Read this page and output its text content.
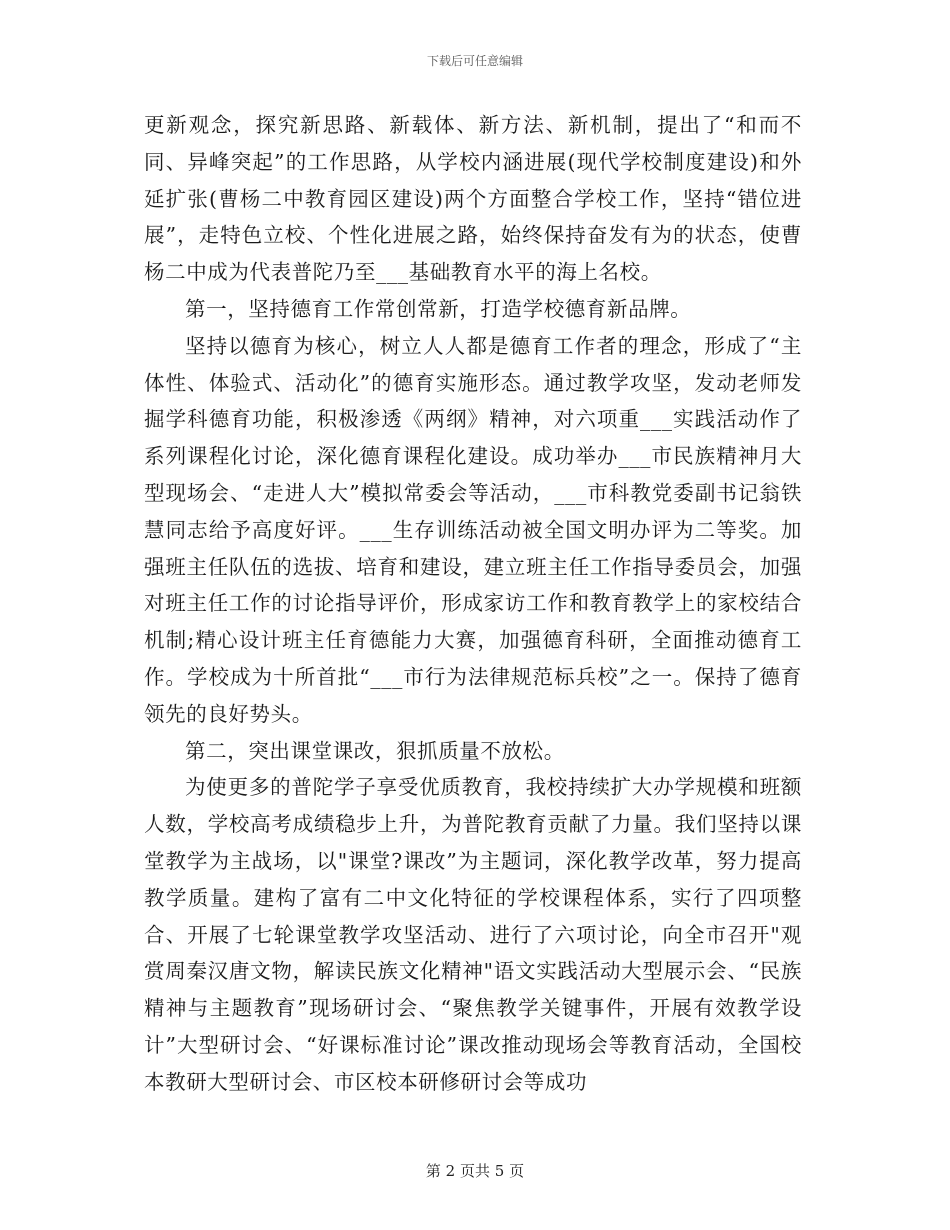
下载后可任意编辑

更新观念，探究新思路、新载体、新方法、新机制，提出了“和而不同、异峰突起”的工作思路，从学校内涵进展(现代学校制度建设)和外延扩张(曹杨二中教育园区建设)两个方面整合学校工作，坚持“错位进展”，走特色立校、个性化进展之路，始终保持奋发有为的状态，使曹杨二中成为代表普陀乃至___基础教育水平的海上名校。

第一，坚持德育工作常创常新，打造学校德育新品牌。

坚持以德育为核心，树立人人都是德育工作者的理念，形成了“主体性、体验式、活动化”的德育实施形态。通过教学攻坚，发动老师发掘学科德育功能，积极渗透《两纲》精神，对六项重___实践活动作了系列课程化讨论，深化德育课程化建设。成功举办___市民族精神月大型现场会、“走进人大”模拟常委会等活动，___市科教党委副书记翁铁慧同志给予高度好评。___生存训练活动被全国文明办评为二等奖。加强班主任队伍的选拔、培育和建设，建立班主任工作指导委员会，加强对班主任工作的讨论指导评价，形成家访工作和教育教学上的家校结合机制;精心设计班主任育德能力大赛，加强德育科研，全面推动德育工作。学校成为十所首批“___市行为法律规范标兵校”之一。保持了德育领先的良好势头。

第二，突出课堂课改，狠抓质量不放松。

为使更多的普陀学子享受优质教育，我校持续扩大办学规模和班额人数，学校高考成绩稳步上升，为普陀教育贡献了力量。我们坚持以课堂教学为主战场，以"课堂?课改”为主题词，深化教学改革，努力提高教学质量。建构了富有二中文化特征的学校课程体系，实行了四项整合、开展了七轮课堂教学攻坚活动、进行了六项讨论，向全市召开"观赏周秦汉唐文物，解读民族文化精神"语文实践活动大型展示会、“民族精神与主题教育”现场研讨会、“聚焦教学关键事件，开展有效教学设计”大型研讨会、“好课标准讨论”课改推动现场会等教育活动，全国校本教研大型研讨会、市区校本研修研讨会等成功

第 2 页共 5 页
